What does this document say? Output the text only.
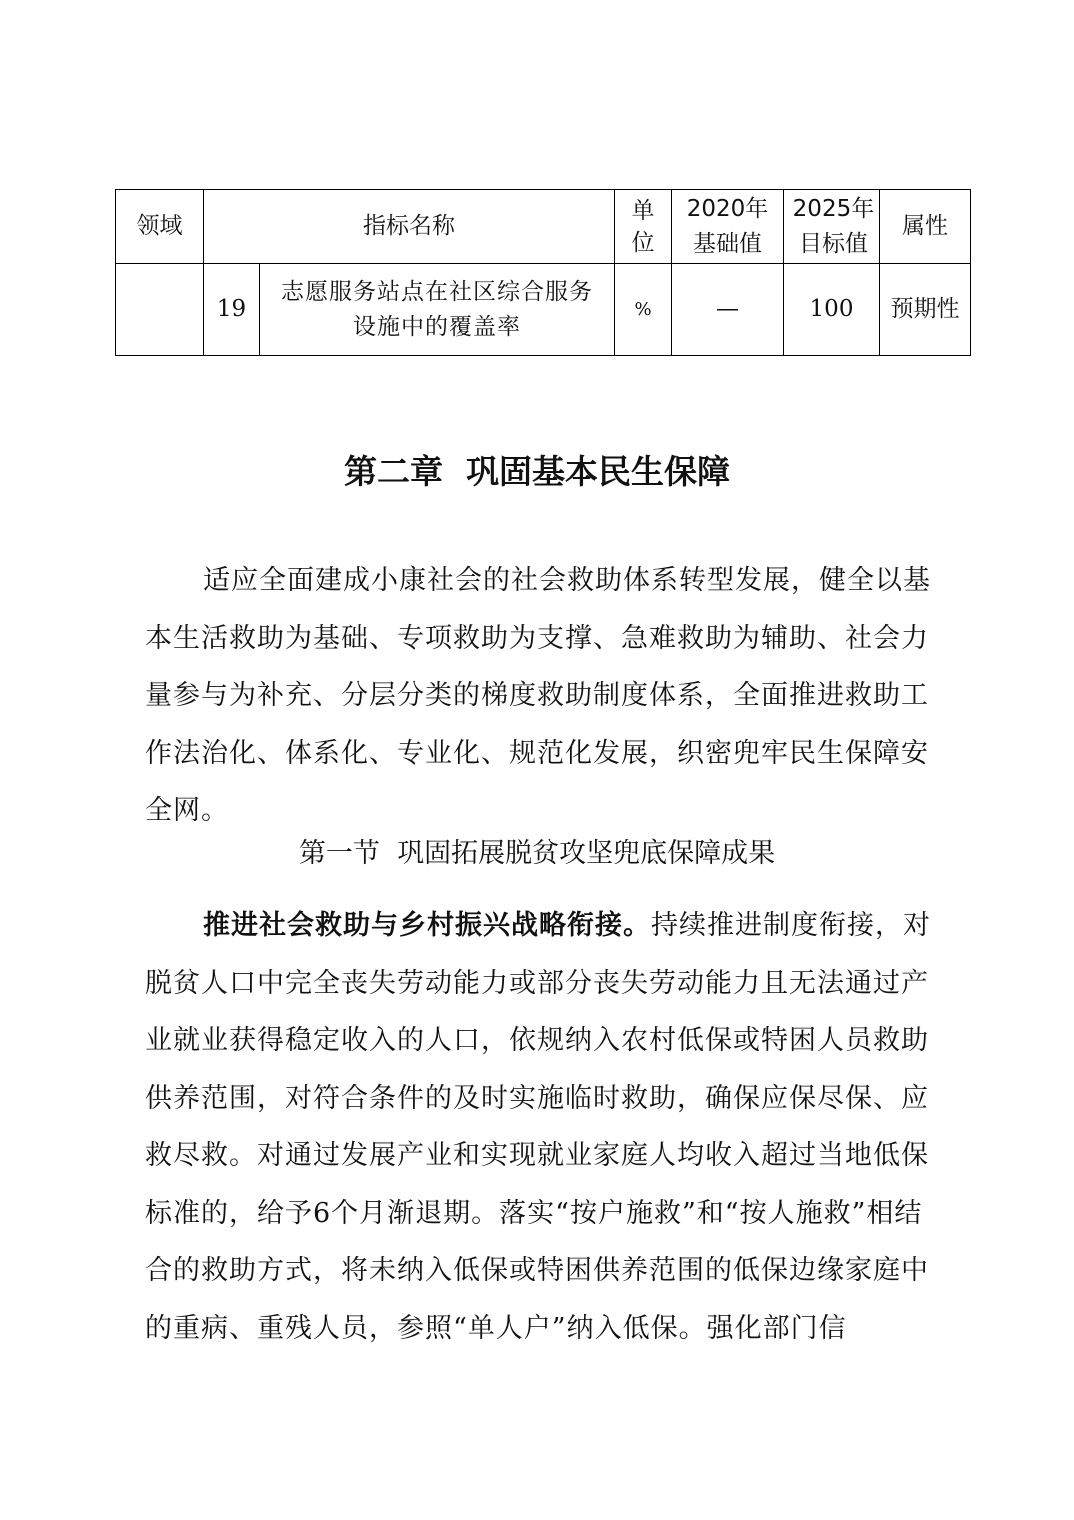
领域	指标名称		单位	2020年基础值	2025年目标值	属性
	19	志愿服务站点在社区综合服务设施中的覆盖率	%	—	100	预期性
第二章  巩固基本民生保障

适应全面建成小康社会的社会救助体系转型发展，健全以基本生活救助为基础、专项救助为支撑、急难救助为辅助、社会力量参与为补充、分层分类的梯度救助制度体系，全面推进救助工作法治化、体系化、专业化、规范化发展，织密兜牢民生保障安全网。

第一节  巩固拓展脱贫攻坚兜底保障成果

推进社会救助与乡村振兴战略衔接。持续推进制度衔接，对脱贫人口中完全丧失劳动能力或部分丧失劳动能力且无法通过产业就业获得稳定收入的人口，依规纳入农村低保或特困人员救助供养范围，对符合条件的及时实施临时救助，确保应保尽保、应救尽救。对通过发展产业和实现就业家庭人均收入超过当地低保标准的，给予6个月渐退期。落实“按户施救”和“按人施救”相结合的救助方式，将未纳入低保或特困供养范围的低保边缘家庭中的重病、重残人员，参照“单人户”纳入低保。强化部门信
